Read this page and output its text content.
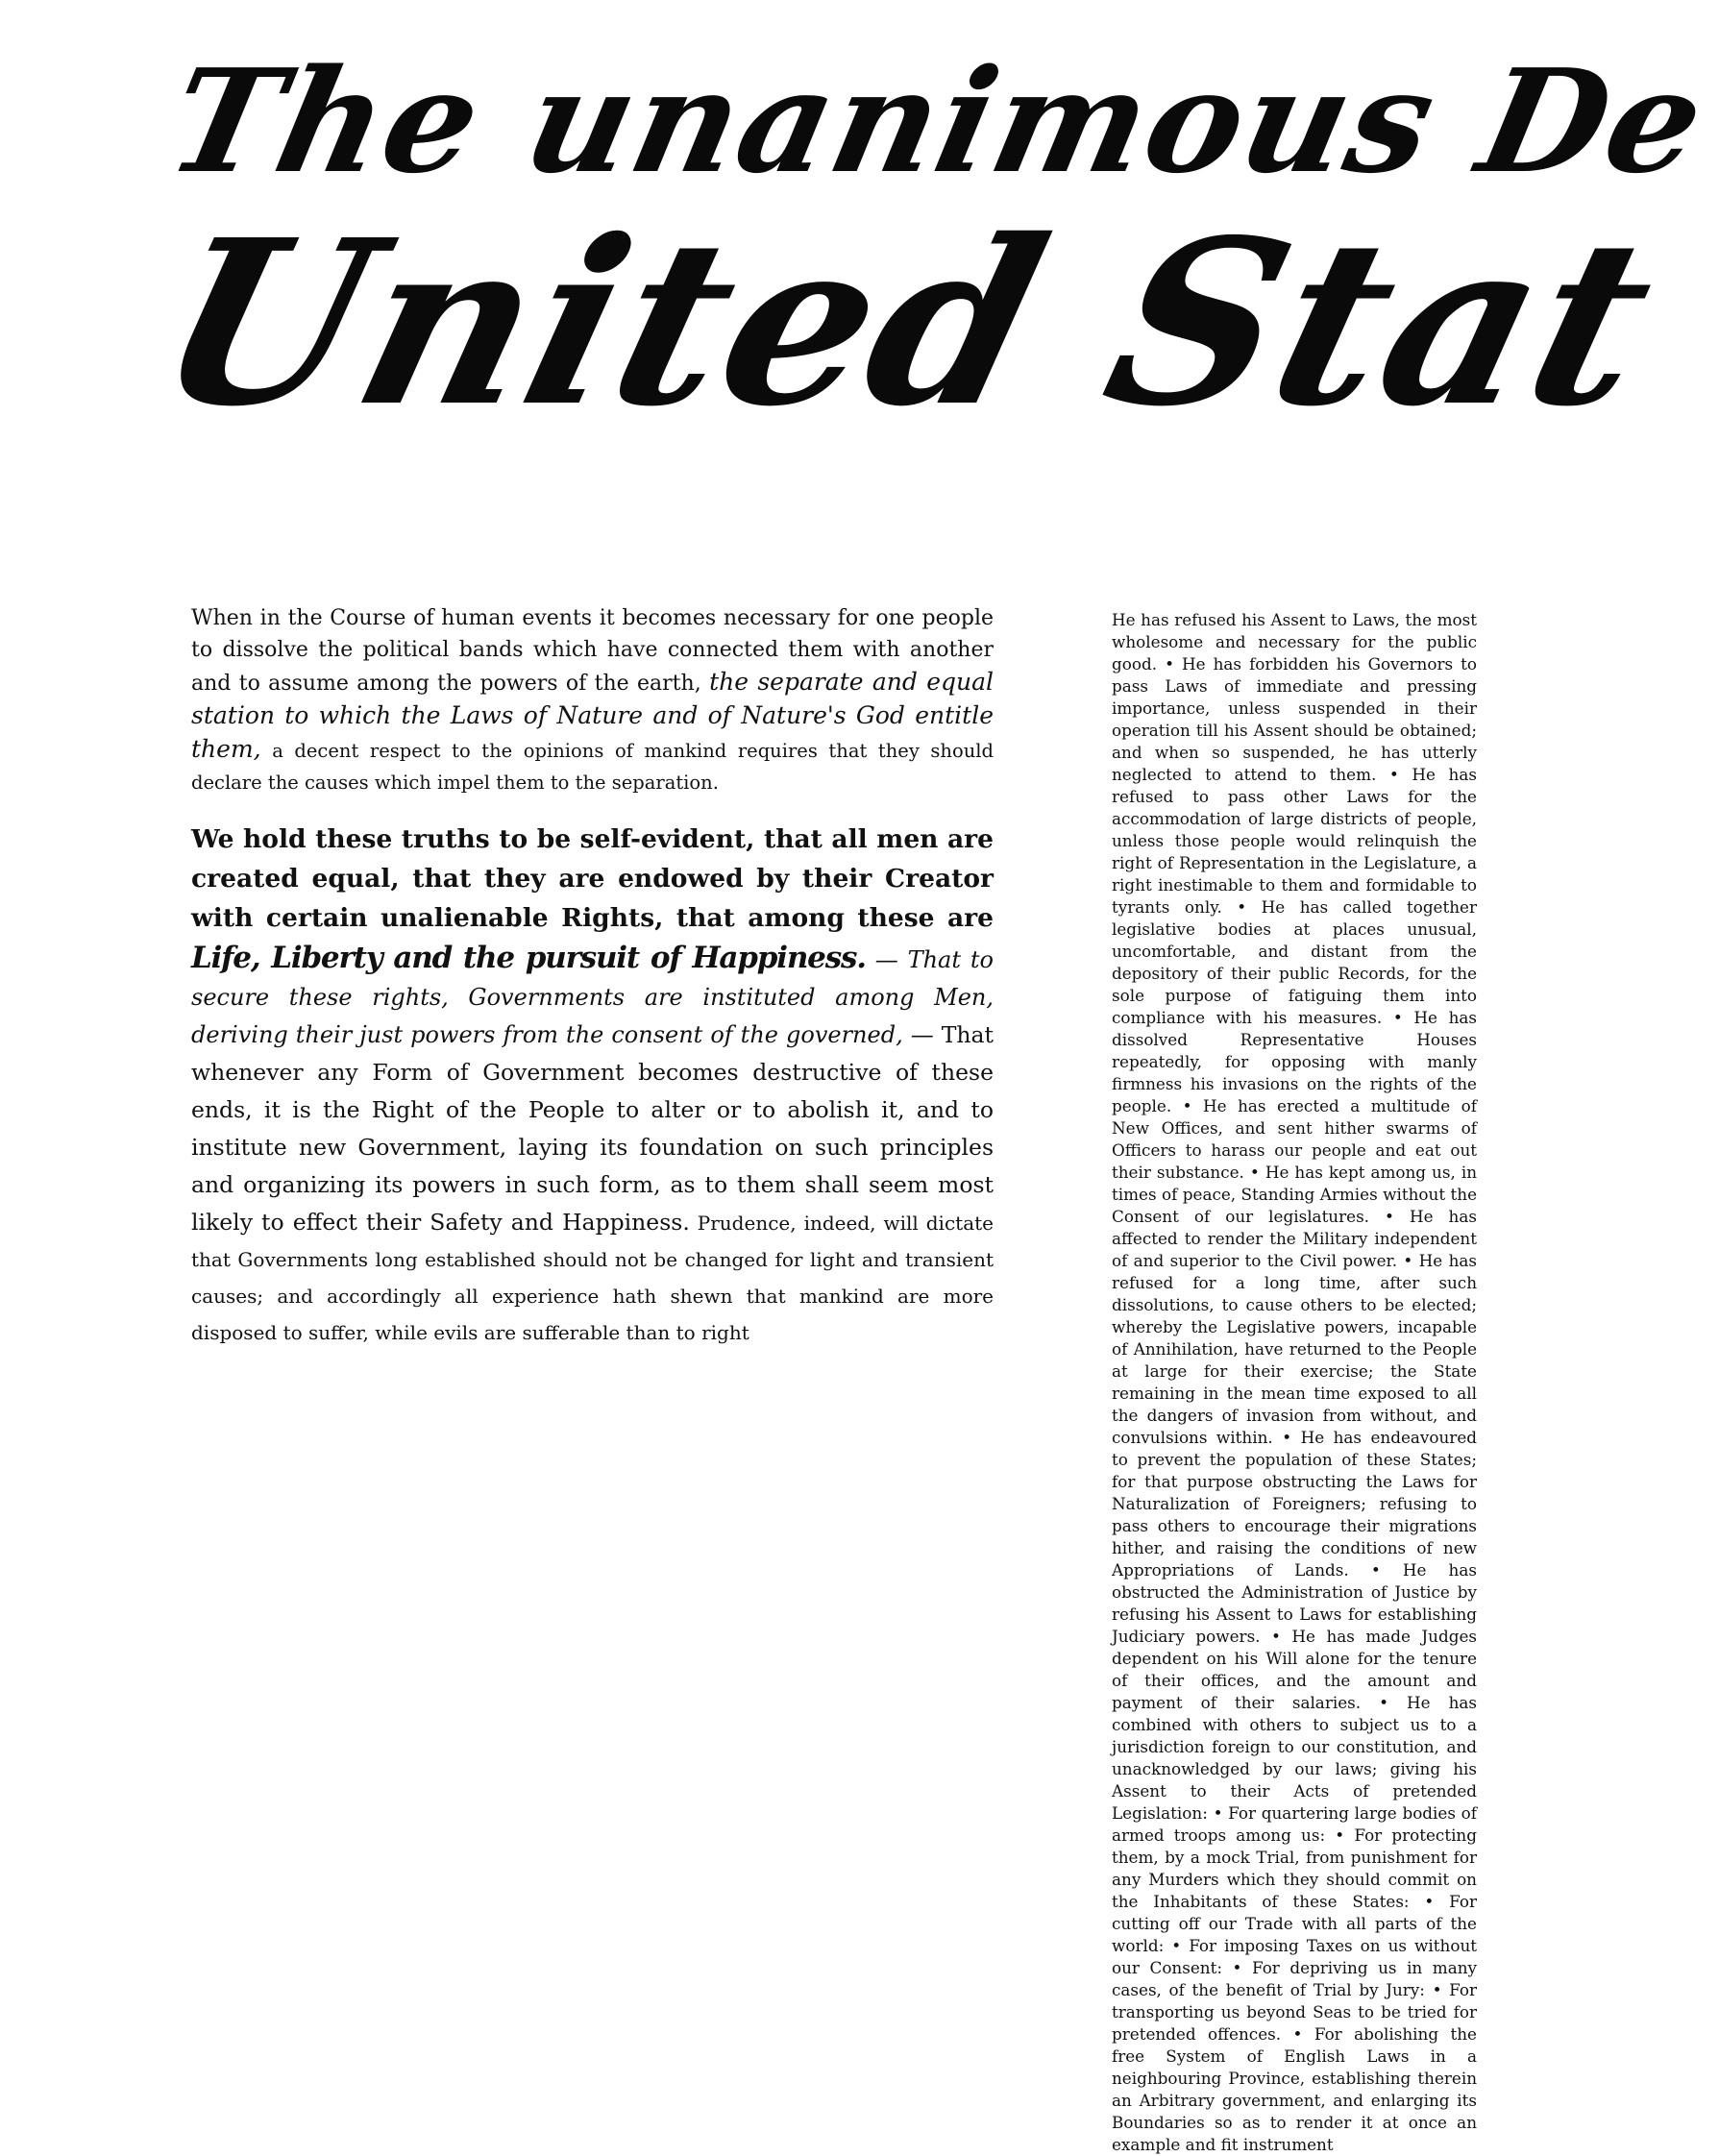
The unanimous De
United Stat

When in the Course of human events it becomes necessary for one people to dissolve the political bands which have connected them with another and to assume among the powers of the earth, the separate and equal station to which the Laws of Nature and of Nature's God entitle them, a decent respect to the opinions of mankind requires that they should declare the causes which impel them to the separation.

We hold these truths to be self-evident, that all men are created equal, that they are endowed by their Creator with certain unalienable Rights, that among these are Life, Liberty and the pursuit of Happiness. — That to secure these rights, Governments are instituted among Men, deriving their just powers from the consent of the governed, — That whenever any Form of Government becomes destructive of these ends, it is the Right of the People to alter or to abolish it, and to institute new Government, laying its foundation on such principles and organizing its powers in such form, as to them shall seem most likely to effect their Safety and Happiness. Prudence, indeed, will dictate that Governments long established should not be changed for light and transient causes; and accordingly all experience hath shewn that mankind are more disposed to suffer, while evils are sufferable than to right

He has refused his Assent to Laws, the most wholesome and necessary for the public good. • He has forbidden his Governors to pass Laws of immediate and pressing importance, unless suspended in their operation till his Assent should be obtained; and when so suspended, he has utterly neglected to attend to them. • He has refused to pass other Laws for the accommodation of large districts of people, unless those people would relinquish the right of Representation in the Legislature, a right inestimable to them and formidable to tyrants only. • He has called together legislative bodies at places unusual, uncomfortable, and distant from the depository of their public Records, for the sole purpose of fatiguing them into compliance with his measures. • He has dissolved Representative Houses repeatedly, for opposing with manly firmness his invasions on the rights of the people. • He has erected a multitude of New Offices, and sent hither swarms of Officers to harass our people and eat out their substance. • He has kept among us, in times of peace, Standing Armies without the Consent of our legislatures. • He has affected to render the Military independent of and superior to the Civil power. • He has refused for a long time, after such dissolutions, to cause others to be elected; whereby the Legislative powers, incapable of Annihilation, have returned to the People at large for their exercise; the State remaining in the mean time exposed to all the dangers of invasion from without, and convulsions within. • He has endeavoured to prevent the population of these States; for that purpose obstructing the Laws for Naturalization of Foreigners; refusing to pass others to encourage their migrations hither, and raising the conditions of new Appropriations of Lands. • He has obstructed the Administration of Justice by refusing his Assent to Laws for establishing Judiciary powers. • He has made Judges dependent on his Will alone for the tenure of their offices, and the amount and payment of their salaries. • He has combined with others to subject us to a jurisdiction foreign to our constitution, and unacknowledged by our laws; giving his Assent to their Acts of pretended Legislation: • For quartering large bodies of armed troops among us: • For protecting them, by a mock Trial, from punishment for any Murders which they should commit on the Inhabitants of these States: • For cutting off our Trade with all parts of the world: • For imposing Taxes on us without our Consent: • For depriving us in many cases, of the benefit of Trial by Jury: • For transporting us beyond Seas to be tried for pretended offences. • For abolishing the free System of English Laws in a neighbouring Province, establishing therein an Arbitrary government, and enlarging its Boundaries so as to render it at once an example and fit instrument
